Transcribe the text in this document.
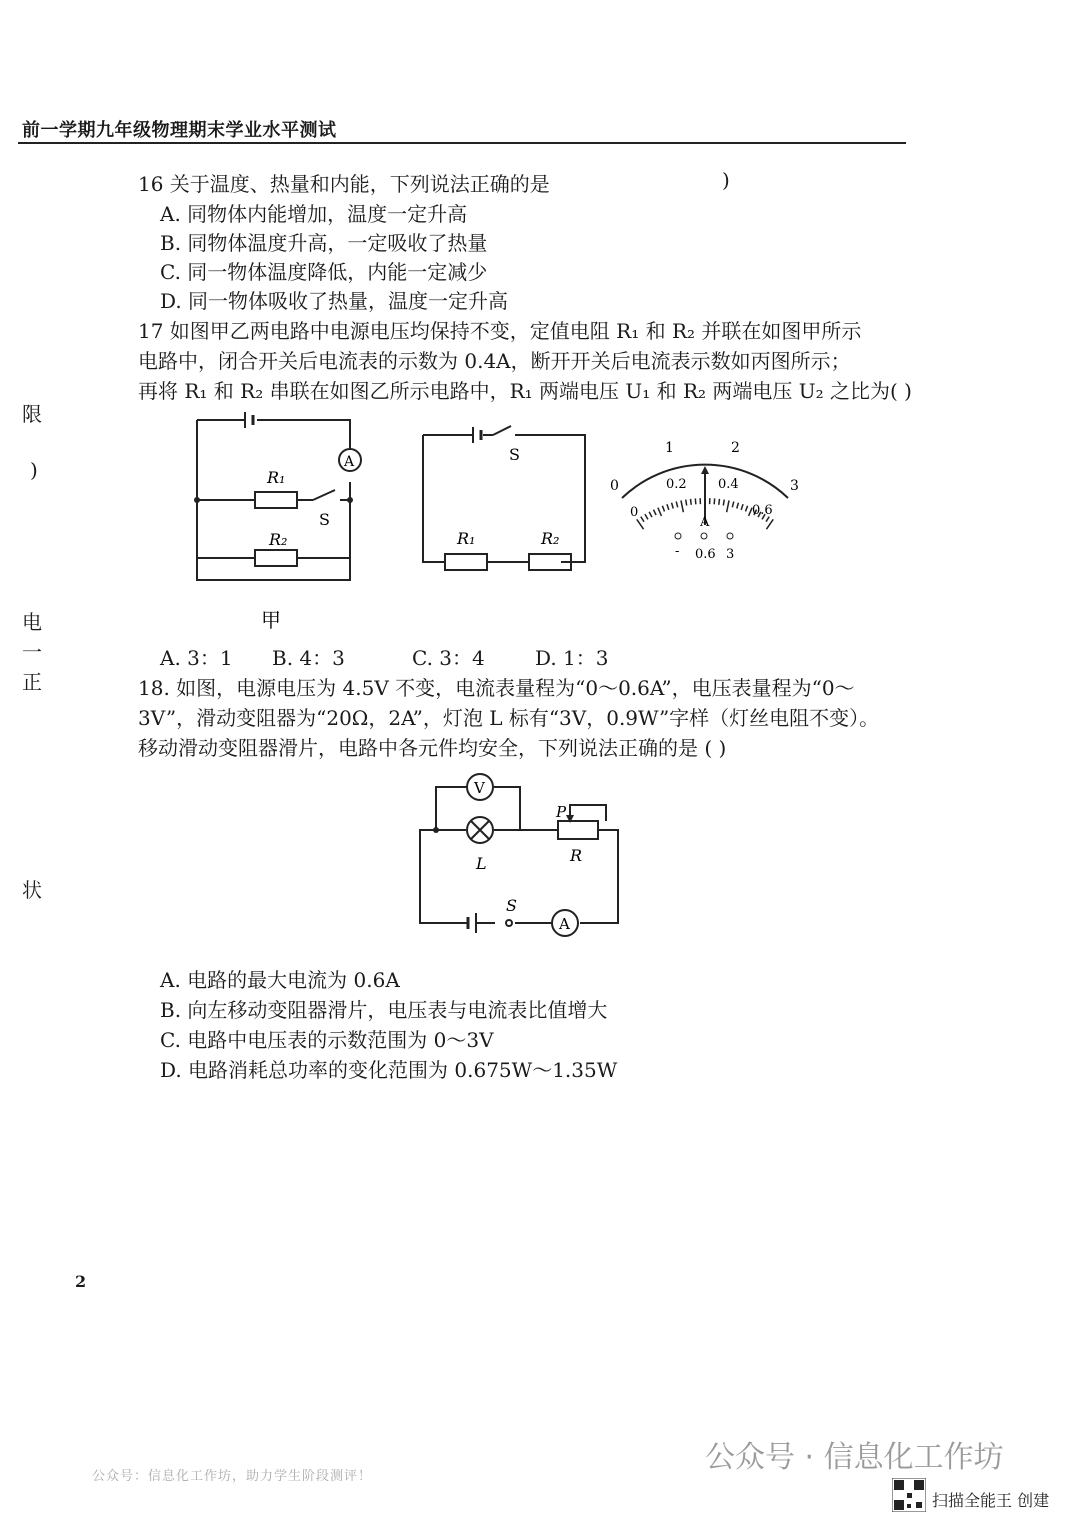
前一学期九年级物理期末学业水平测试
限
)
电
一
正
状
16 关于温度、热量和内能，下列说法正确的是	)
A. 同物体内能增加，温度一定升高
B. 同物体温度升高，一定吸收了热量
C. 同一物体温度降低，内能一定减少
D. 同一物体吸收了热量，温度一定升高
17 如图甲乙两电路中电源电压均保持不变，定值电阻 R₁ 和 R₂ 并联在如图甲所示
电路中，闭合开关后电流表的示数为 0.4A，断开开关后电流表示数如丙图所示；
再将 R₁ 和 R₂ 串联在如图乙所示电路中，R₁ 两端电压 U₁ 和 R₂ 两端电压 U₂ 之比为( )
A
R₁
S
R₂
甲
S
R₁	R₂
0
1	2
3
0.2 0.4
0	0.6
A
- 0.6 3
A. 3：1 B. 4：3	C. 3：4	D. 1：3
18. 如图，电源电压为 4.5V 不变，电流表量程为“0～0.6A”，电压表量程为“0～
3V”，滑动变阻器为“20Ω，2A”，灯泡 L 标有“3V，0.9W”字样（灯丝电阻不变）。
移动滑动变阻器滑片，电路中各元件均安全，下列说法正确的是 ( )
V
L
P
R
S
A
A. 电路的最大电流为 0.6A
B. 向左移动变阻器滑片，电压表与电流表比值增大
C. 电路中电压表的示数范围为 0～3V
D. 电路消耗总功率的变化范围为 0.675W～1.35W
2
公众号：信息化工作坊，助力学生阶段测评！
公众号 · 信息化工作坊
扫描全能王 创建
